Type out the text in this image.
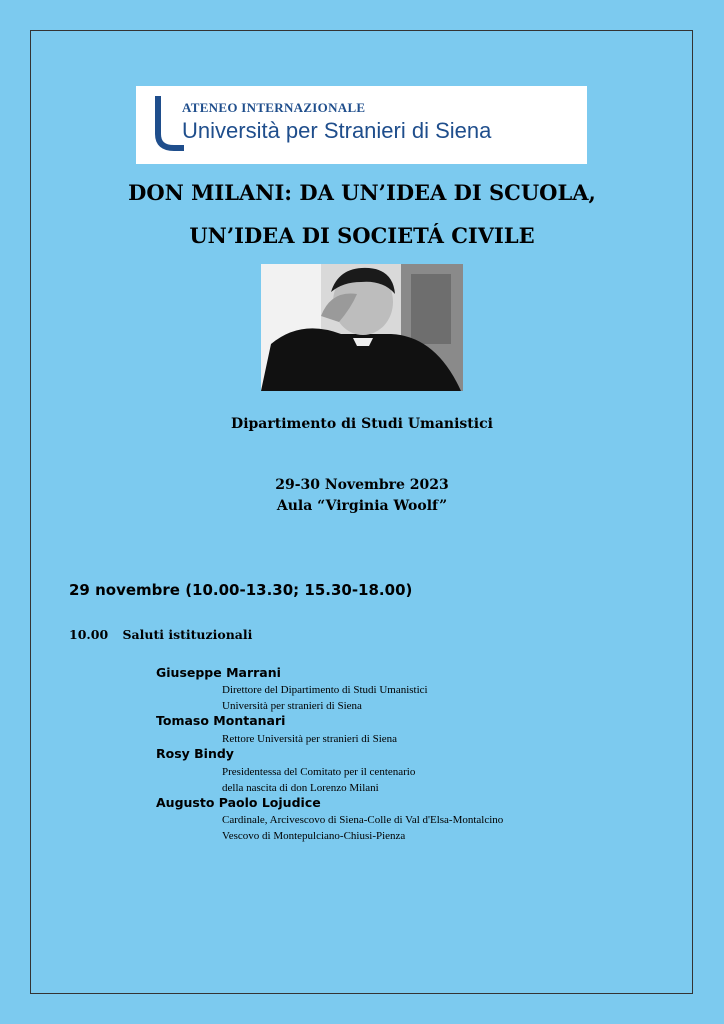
ATENEO INTERNAZIONALE
Università per Stranieri di Siena
DON MILANI: DA UN’IDEA DI SCUOLA,
UN’IDEA DI SOCIETÁ CIVILE
Dipartimento di Studi Umanistici
29-30 Novembre 2023
Aula “Virginia Woolf”
29 novembre (10.00-13.30; 15.30-18.00)
10.00 Saluti istituzionali
Giuseppe Marrani
Direttore del Dipartimento di Studi Umanistici
Università per stranieri di Siena
Tomaso Montanari
Rettore Università per stranieri di Siena
Rosy Bindy
Presidentessa del Comitato per il centenario
della nascita di don Lorenzo Milani
Augusto Paolo Lojudice
Cardinale, Arcivescovo di Siena-Colle di Val d'Elsa-Montalcino
Vescovo di Montepulciano-Chiusi-Pienza
